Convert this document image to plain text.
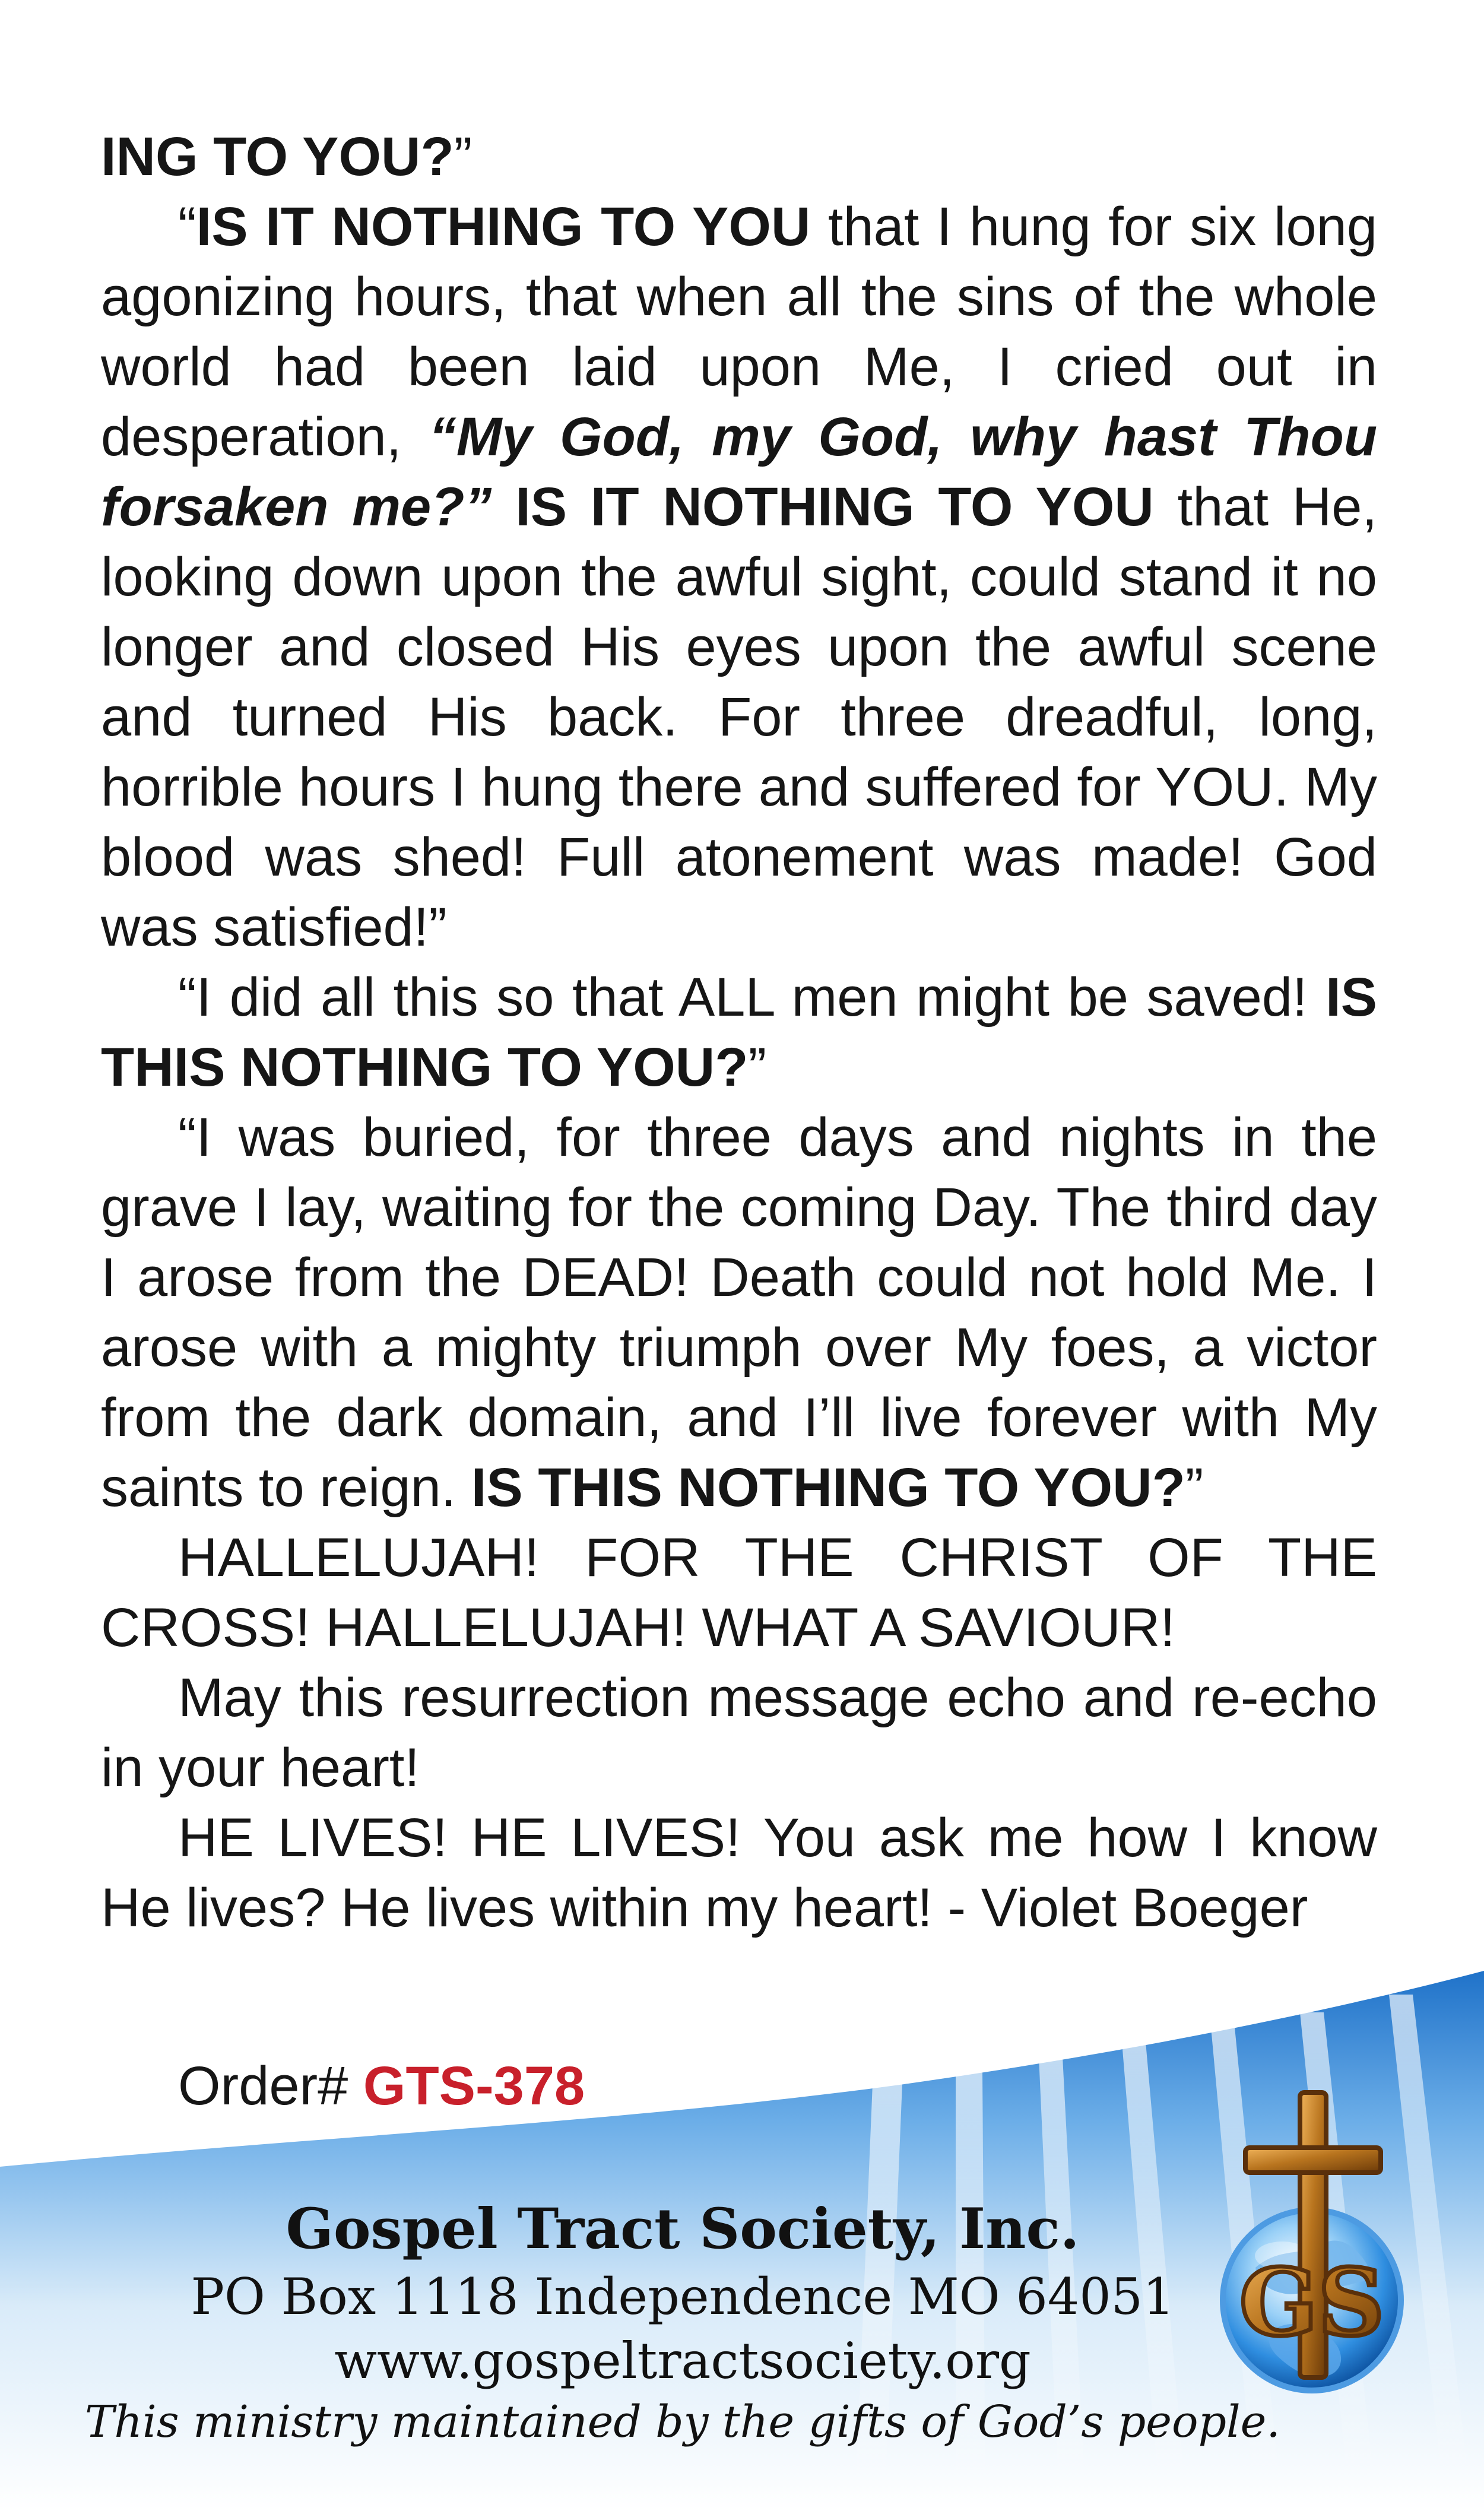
ING TO YOU?”

“IS IT NOTHING TO YOU that I hung for six long agonizing hours, that when all the sins of the whole world had been laid upon Me, I cried out in desperation, “My God, my God, why hast Thou forsaken me?” IS IT NOTHING TO YOU that He, looking down upon the awful sight, could stand it no longer and closed His eyes upon the awful scene and turned His back. For three dreadful, long, horrible hours I hung there and suffered for YOU. My blood was shed! Full atonement was made! God was satisfied!”

“I did all this so that ALL men might be saved! IS THIS NOTHING TO YOU?”

“I was buried, for three days and nights in the grave I lay, waiting for the coming Day. The third day I arose from the DEAD! Death could not hold Me. I arose with a mighty triumph over My foes, a victor from the dark domain, and I’ll live forever with My saints to reign. IS THIS NOTHING TO YOU?”

HALLELUJAH! FOR THE CHRIST OF THE CROSS! HALLELUJAH! WHAT A SAVIOUR!

May this resurrection message echo and re-echo in your heart!

HE LIVES! HE LIVES! You ask me how I know He lives? He lives within my heart! - Violet Boeger

Order# GTS-378
Gospel Tract Society, Inc.
PO Box 1118 Independence MO 64051
www.gospeltractsociety.org
This ministry maintained by the gifts of God’s people.
GS
